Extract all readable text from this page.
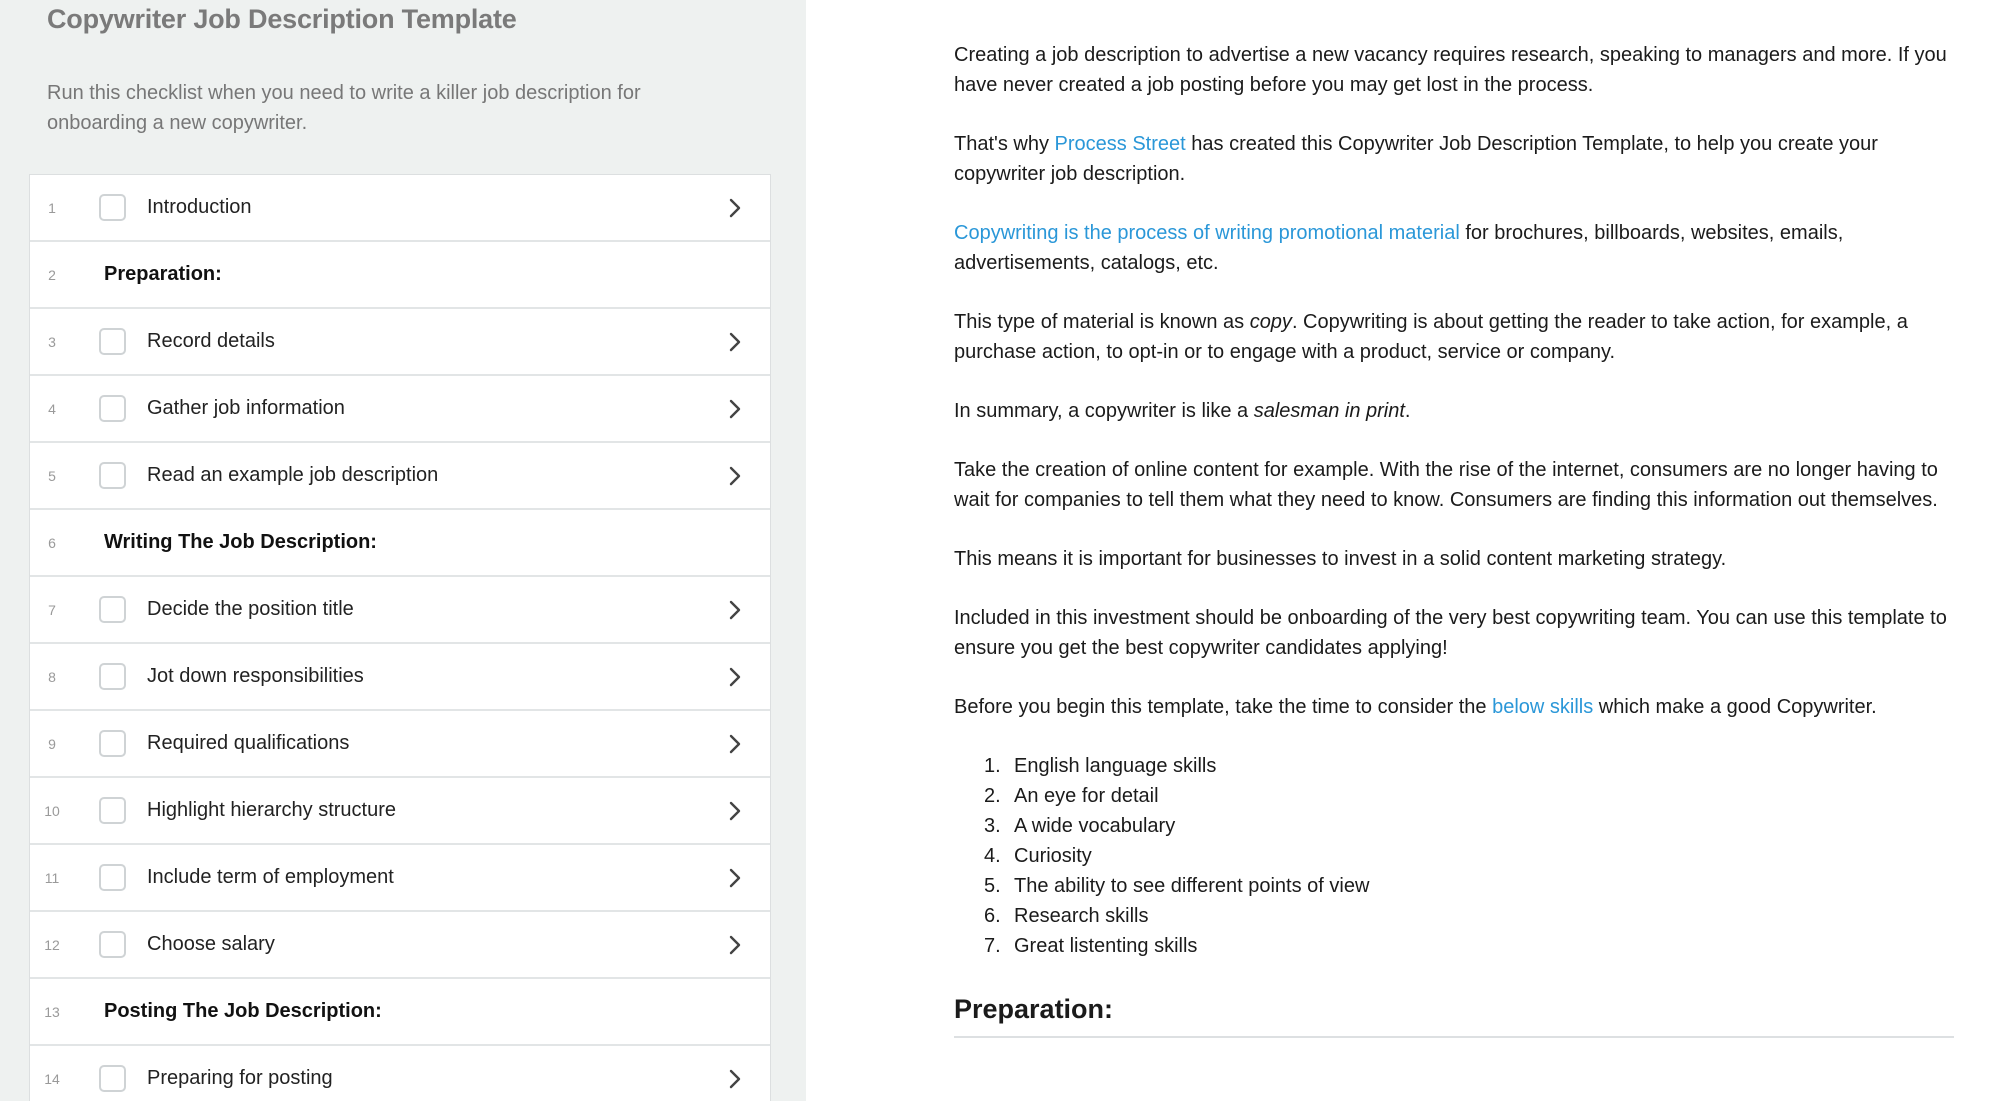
Copywriter Job Description Template
Run this checklist when you need to write a killer job description for onboarding a new copywriter.
1	Introduction
2	Preparation:
3	Record details
4	Gather job information
5	Read an example job description
6	Writing The Job Description:
7	Decide the position title
8	Jot down responsibilities
9	Required qualifications
10	Highlight hierarchy structure
11	Include term of employment
12	Choose salary
13	Posting The Job Description:
14	Preparing for posting

Creating a job description to advertise a new vacancy requires research, speaking to managers and more. If you have never created a job posting before you may get lost in the process.

That's why Process Street has created this Copywriter Job Description Template, to help you create your copywriter job description.

Copywriting is the process of writing promotional material for brochures, billboards, websites, emails, advertisements, catalogs, etc.

This type of material is known as copy. Copywriting is about getting the reader to take action, for example, a purchase action, to opt-in or to engage with a product, service or company.

In summary, a copywriter is like a salesman in print.

Take the creation of online content for example. With the rise of the internet, consumers are no longer having to wait for companies to tell them what they need to know. Consumers are finding this information out themselves.

This means it is important for businesses to invest in a solid content marketing strategy.

Included in this investment should be onboarding of the very best copywriting team. You can use this template to ensure you get the best copywriter candidates applying!

Before you begin this template, take the time to consider the below skills which make a good Copywriter.

1. English language skills
2. An eye for detail
3. A wide vocabulary
4. Curiosity
5. The ability to see different points of view
6. Research skills
7. Great listenting skills
Preparation:
